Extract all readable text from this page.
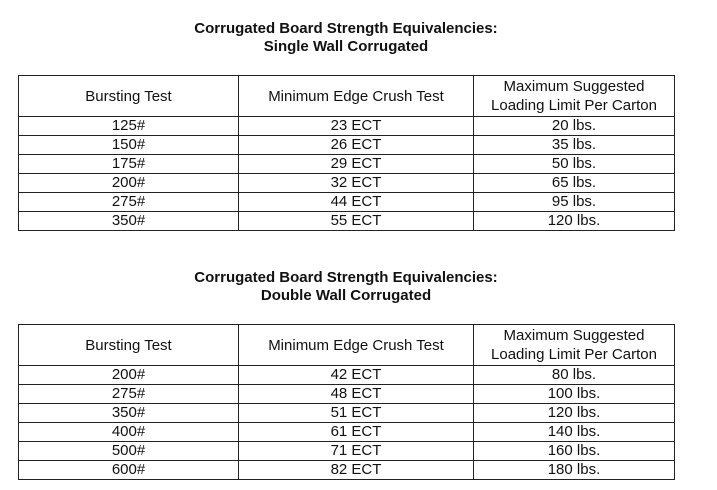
Corrugated Board Strength Equivalencies:
Single Wall Corrugated
Bursting Test	Minimum Edge Crush Test	Maximum Suggested
Loading Limit Per Carton

125#	23 ECT	20 lbs.
150#	26 ECT	35 lbs.
175#	29 ECT	50 lbs.
200#	32 ECT	65 lbs.
275#	44 ECT	95 lbs.
350#	55 ECT	120 lbs.
Corrugated Board Strength Equivalencies:
Double Wall Corrugated
Bursting Test	Minimum Edge Crush Test	Maximum Suggested
Loading Limit Per Carton

200#	42 ECT	80 lbs.
275#	48 ECT	100 lbs.
350#	51 ECT	120 lbs.
400#	61 ECT	140 lbs.
500#	71 ECT	160 lbs.
600#	82 ECT	180 lbs.
